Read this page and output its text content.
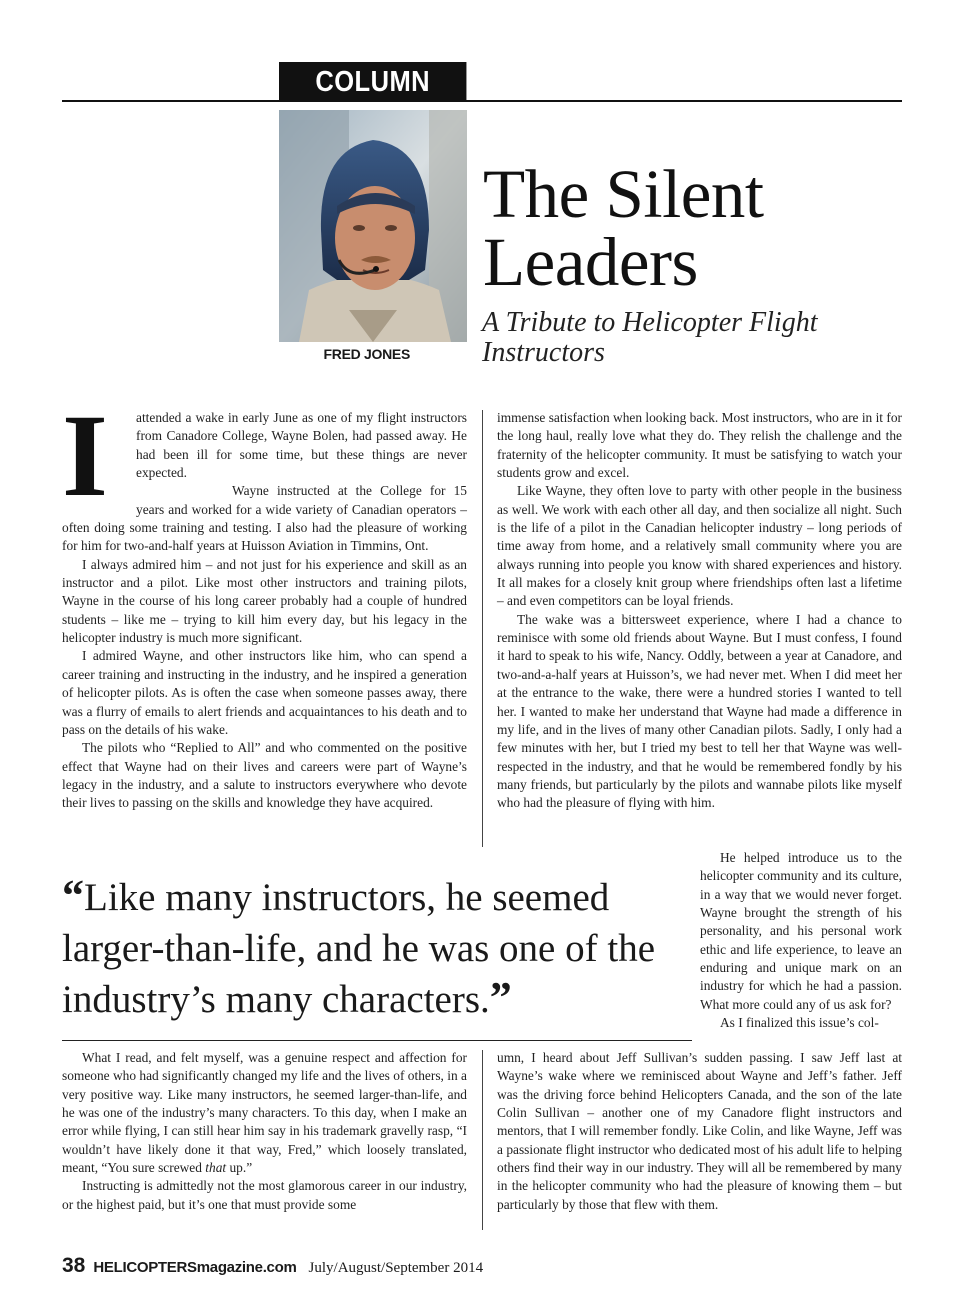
COLUMN
FRED JONES
The Silent
Leaders
A Tribute to Helicopter Flight Instructors

I	attended a wake in early June as one of my flight instructors from Canadore College, Wayne Bolen, had passed away. He had been ill for some time, but these things are never expected.

Wayne instructed at the College for 15 years and worked for a wide variety of Canadian operators – often doing some training and testing. I also had the pleasure of working for him for two-and-half years at Huisson Aviation in Timmins, Ont.

I always admired him – and not just for his experience and skill as an instructor and a pilot. Like most other instructors and training pilots, Wayne in the course of his long career probably had a couple of hundred students – like me – trying to kill him every day, but his legacy in the helicopter industry is much more significant.

I admired Wayne, and other instructors like him, who can spend a career training and instructing in the industry, and he inspired a generation of helicopter pilots. As is often the case when someone passes away, there was a flurry of emails to alert friends and acquaintances to his death and to pass on the details of his wake.

The pilots who “Replied to All” and who commented on the positive effect that Wayne had on their lives and careers were part of Wayne’s legacy in the industry, and a salute to instructors everywhere who devote their lives to passing on the skills and knowledge they have acquired.

immense satisfaction when looking back. Most instructors, who are in it for the long haul, really love what they do. They relish the challenge and the fraternity of the helicopter community. It must be satisfying to watch your students grow and excel.

Like Wayne, they often love to party with other people in the business as well. We work with each other all day, and then socialize all night. Such is the life of a pilot in the Canadian helicopter industry – long periods of time away from home, and a relatively small community where you are always running into people you know with shared experiences and history. It all makes for a closely knit group where friendships often last a lifetime – and even competitors can be loyal friends.

The wake was a bittersweet experience, where I had a chance to reminisce with some old friends about Wayne. But I must confess, I found it hard to speak to his wife, Nancy. Oddly, between a year at Canadore, and two-and-a-half years at Huisson’s, we had never met. When I did meet her at the entrance to the wake, there were a hundred stories I wanted to tell her. I wanted to make her understand that Wayne had made a difference in my life, and in the lives of many other Canadian pilots. Sadly, I only had a few minutes with her, but I tried my best to tell her that Wayne was well-respected in the industry, and that he would be remembered fondly by his many friends, but particularly by the pilots and wannabe pilots like myself who had the pleasure of flying with him.

He helped introduce us to the helicopter community and its culture, in a way that we would never forget. Wayne brought the strength of his personality, and his personal work ethic and life experience, to leave an enduring and unique mark on an industry for which he had a passion. What more could any of us ask for?

As I finalized this issue’s col-

“Like many instructors, he seemed larger-than-life, and he was one of the industry’s many characters.”

What I read, and felt myself, was a genuine respect and affection for someone who had significantly changed my life and the lives of others, in a very positive way. Like many instructors, he seemed larger-than-life, and he was one of the industry’s many characters. To this day, when I make an error while flying, I can still hear him say in his trademark gravelly rasp, “I wouldn’t have likely done it that way, Fred,” which loosely translated, meant, “You sure screwed that up.”

Instructing is admittedly not the most glamorous career in our industry, or the highest paid, but it’s one that must provide some

umn, I heard about Jeff Sullivan’s sudden passing. I saw Jeff last at Wayne’s wake where we reminisced about Wayne and Jeff’s father. Jeff was the driving force behind Helicopters Canada, and the son of the late Colin Sullivan – another one of my Canadore flight instructors and mentors, that I will remember fondly. Like Colin, and like Wayne, Jeff was a passionate flight instructor who dedicated most of his adult life to helping others find their way in our industry. They will all be remembered by many in the helicopter community who had the pleasure of knowing them – but particularly by those that flew with them.

38 HELICOPTERSmagazine.com July/August/September 2014
